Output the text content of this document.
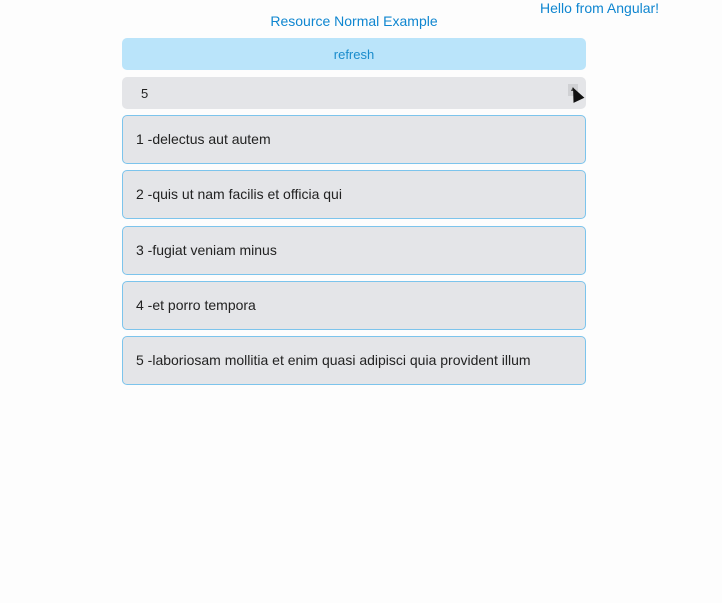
Hello from Angular!
Resource Normal Example
refresh
5
▲
1 -delectus aut autem
2 -quis ut nam facilis et officia qui
3 -fugiat veniam minus
4 -et porro tempora
5 -laboriosam mollitia et enim quasi adipisci quia provident illum
